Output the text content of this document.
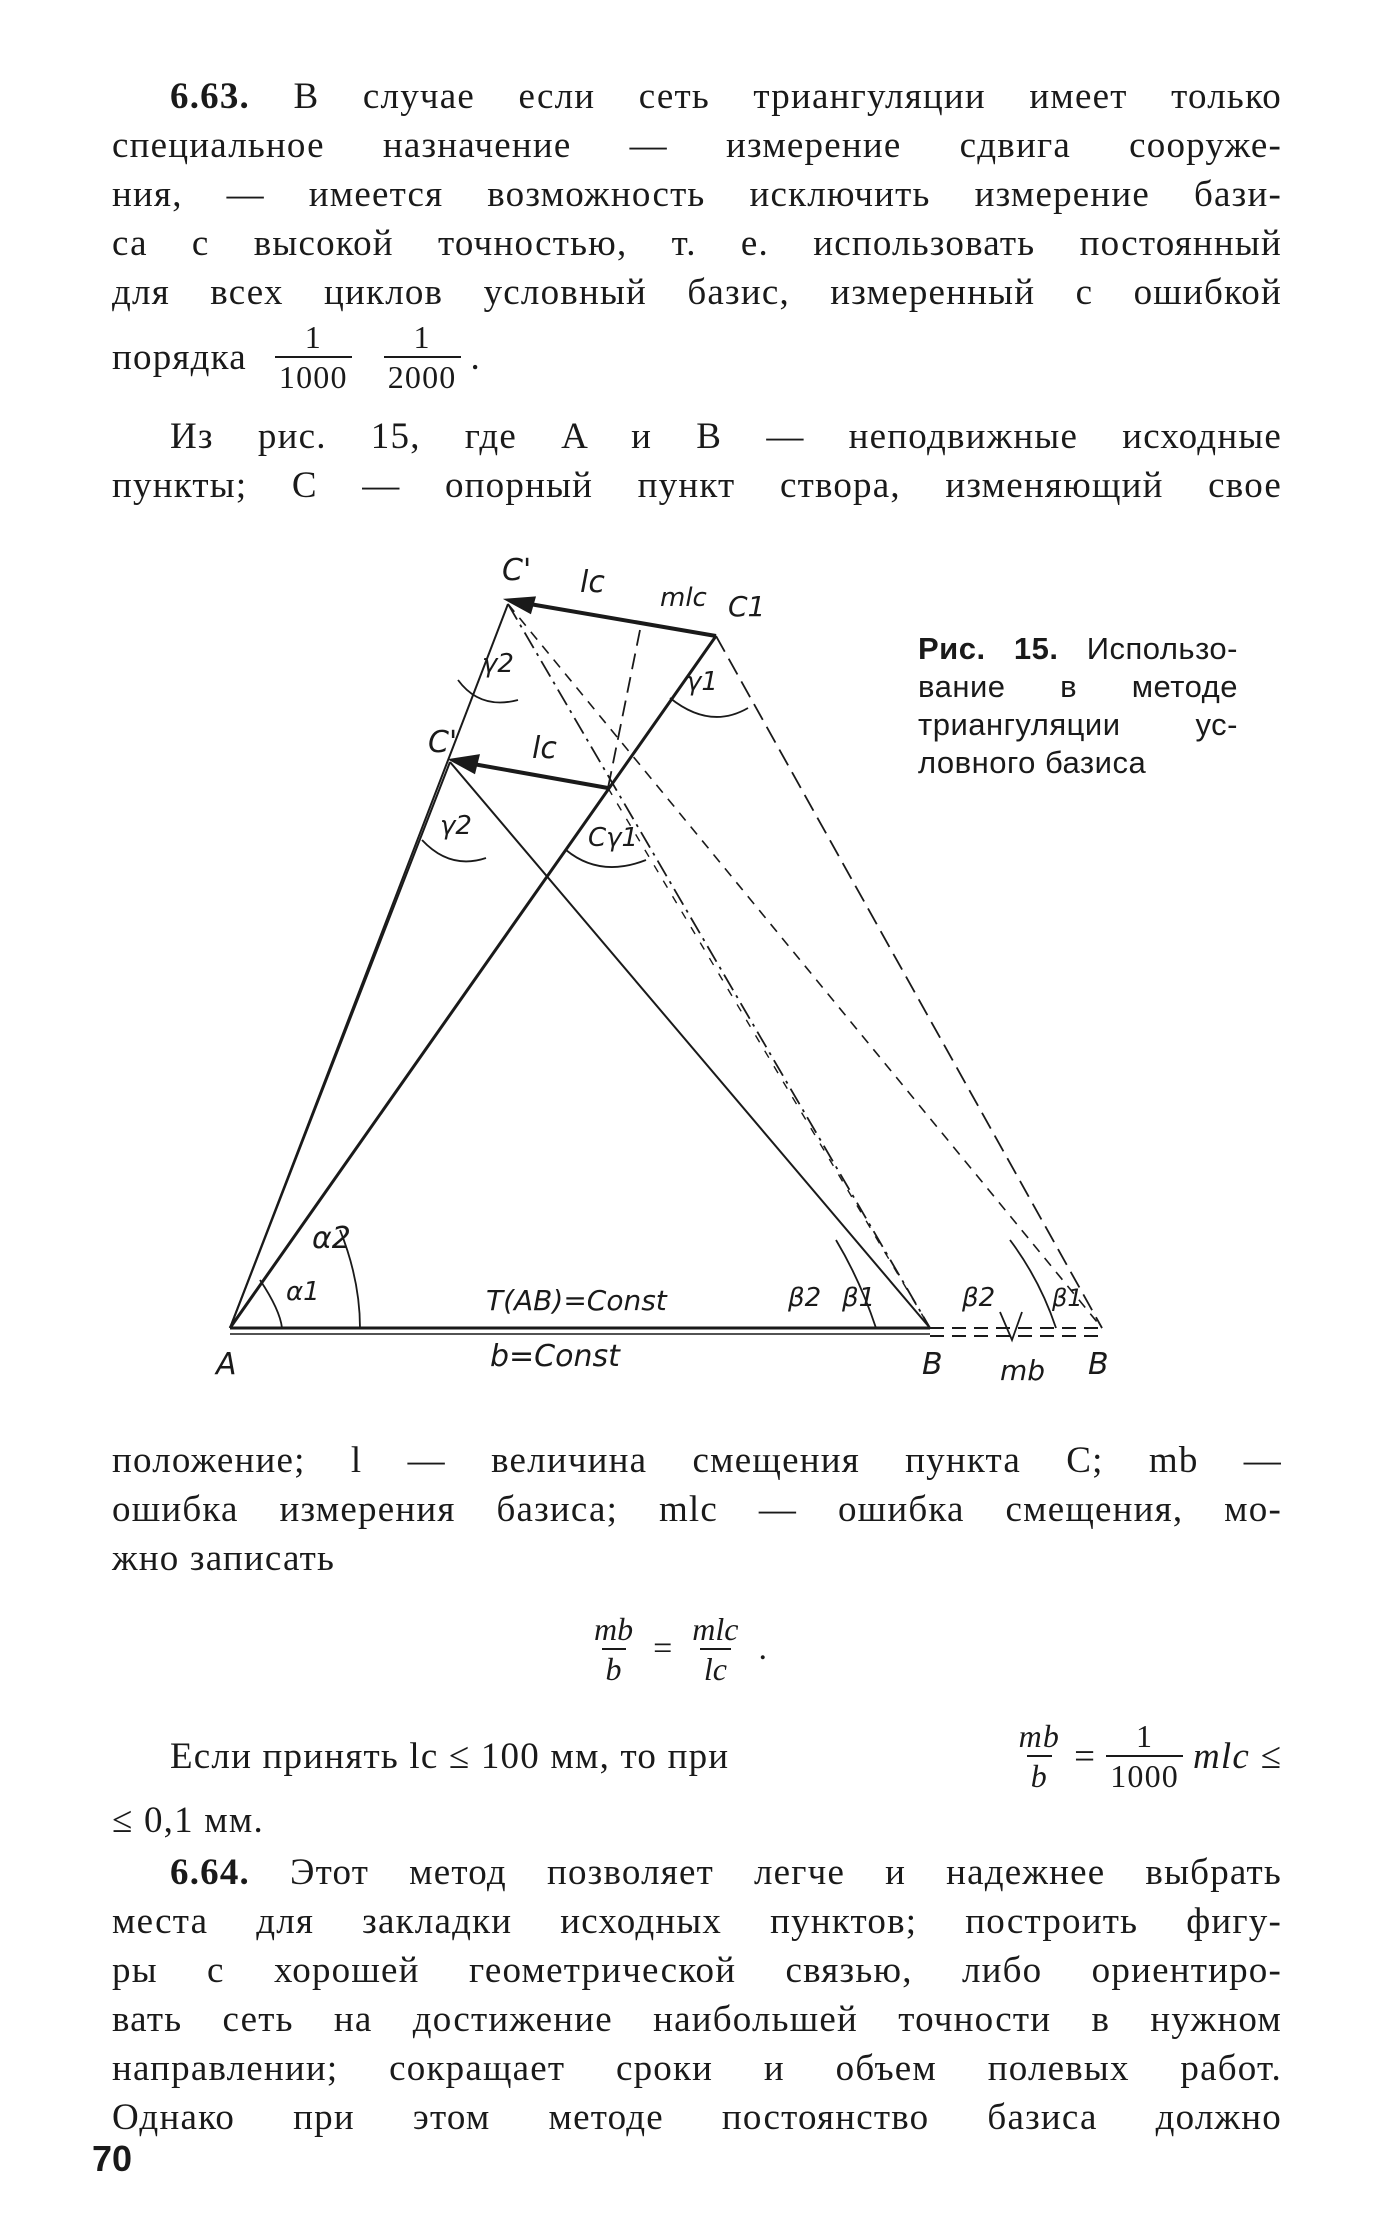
6.63. В случае если сеть триангуляции имеет только
специальное назначение — измерение сдвига сооруже-
ния, — имеется возможность исключить измерение бази-
са с высокой точностью, т. е. использовать постоянный
для всех циклов условный базис, измеренный с ошибкой
порядка $\frac{1}{1000} \frac{1}{2000}$ .
Из рис. 15, где A и B — неподвижные исходные
пункты; C — опорный пункт створа, изменяющий свое
C' lc mlc C1
γ2
γ1
C' lc
γ2	Cγ1
α2
α1	T(AB)=Const	β2 β1	β2 β1
A	b=Const	B mb B
Рис. 15. Использо-вание в методе триангуляции ус-ловного базиса
положение; l — величина смещения пункта C; mb —
ошибка измерения базиса; mlc — ошибка смещения, мо-
жно записать
$\frac{mb}{b} = \frac{\text{mlc}}{lc}$ .
Если принять lc ≤ 100 мм, то при	$\frac{mb}{b} = \frac{1}{1000}$ mlc ≤
≤ 0,1 мм.
6.64. Этот метод позволяет легче и надежнее выбрать
места для закладки исходных пунктов; построить фигу-
ры с хорошей геометрической связью, либо ориентиро-
вать сеть на достижение наибольшей точности в нужном
направлении; сокращает сроки и объем полевых работ.
Однако при этом методе постоянство базиса должно
70
